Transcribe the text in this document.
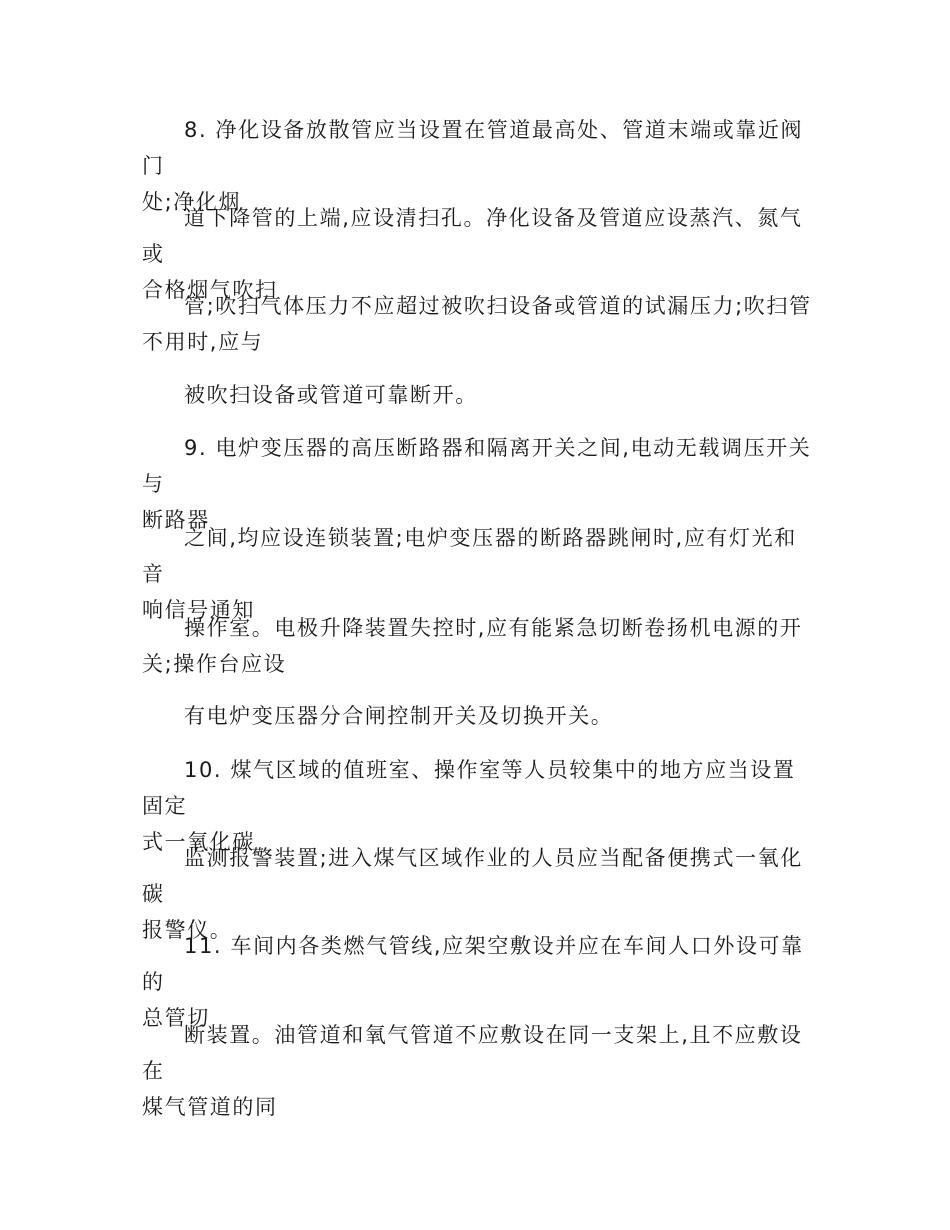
8. 净化设备放散管应当设置在管道最高处、管道末端或靠近阀门
处;净化烟

道下降管的上端,应设清扫孔。净化设备及管道应设蒸汽、氮气或
合格烟气吹扫

管;吹扫气体压力不应超过被吹扫设备或管道的试漏压力;吹扫管
不用时,应与

被吹扫设备或管道可靠断开。

9. 电炉变压器的高压断路器和隔离开关之间,电动无载调压开关与
断路器

之间,均应设连锁装置;电炉变压器的断路器跳闸时,应有灯光和音
响信号通知

操作室。电极升降装置失控时,应有能紧急切断卷扬机电源的开
关;操作台应设

有电炉变压器分合闸控制开关及切换开关。

10. 煤气区域的值班室、操作室等人员较集中的地方应当设置固定
式一氧化碳

监测报警装置;进入煤气区域作业的人员应当配备便携式一氧化碳
报警仪。

11. 车间内各类燃气管线,应架空敷设并应在车间人口外设可靠的
总管切

断装置。油管道和氧气管道不应敷设在同一支架上,且不应敷设在
煤气管道的同
